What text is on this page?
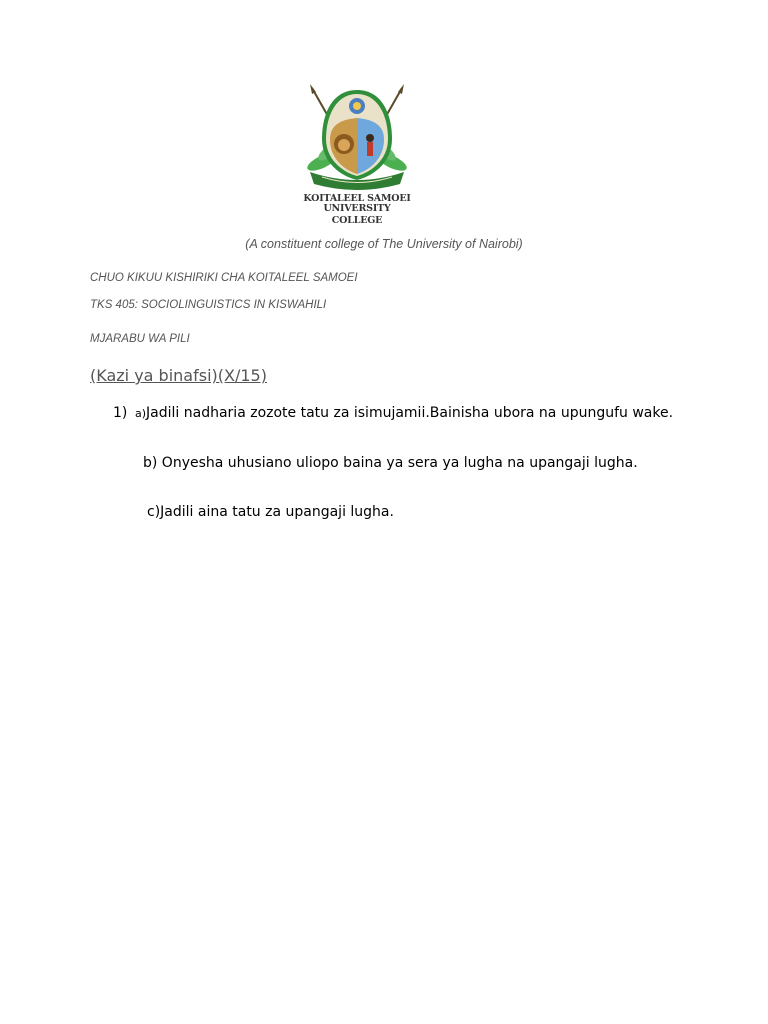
KOITALEEL SAMOEI UNIVERSITY
COLLEGE
(A constituent college of The University of Nairobi)
CHUO KIKUU KISHIRIKI CHA KOITALEEL SAMOEI
TKS 405: SOCIOLINGUISTICS IN KISWAHILI
MJARABU WA PILI
(Kazi ya binafsi)(X/15)
1) a)Jadili nadharia zozote tatu za isimujamii.Bainisha ubora na upungufu wake.
b) Onyesha uhusiano uliopo baina ya sera ya lugha na upangaji lugha.
c)Jadili aina tatu za upangaji lugha.
